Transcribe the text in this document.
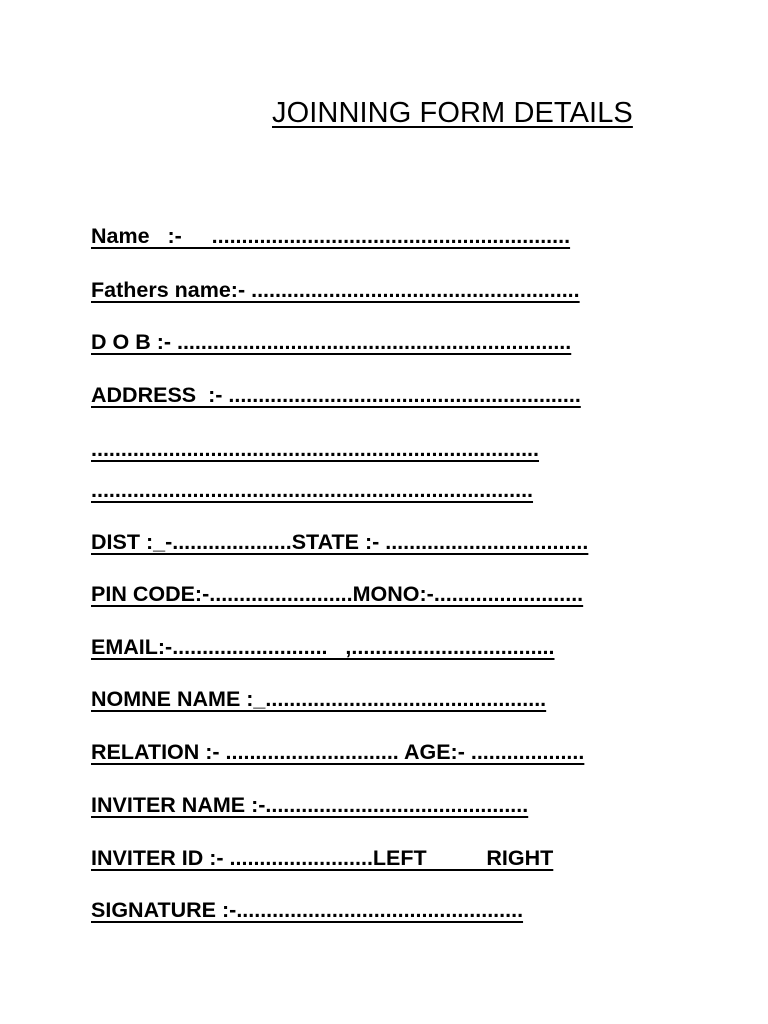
JOINNING FORM DETAILS
Name   :-     ............................................................
Fathers name:- .......................................................
D O B :- ..................................................................
ADDRESS  :- ...........................................................
...........................................................................
..........................................................................
DIST :_-....................STATE :- ..................................
PIN CODE:-........................MONO:-.........................
EMAIL:-..........................   ,..................................
NOMNE NAME :_...............................................
RELATION :- ............................. AGE:- ...................
INVITER NAME :-............................................
INVITER ID :- ........................LEFT          RIGHT
SIGNATURE :-................................................
